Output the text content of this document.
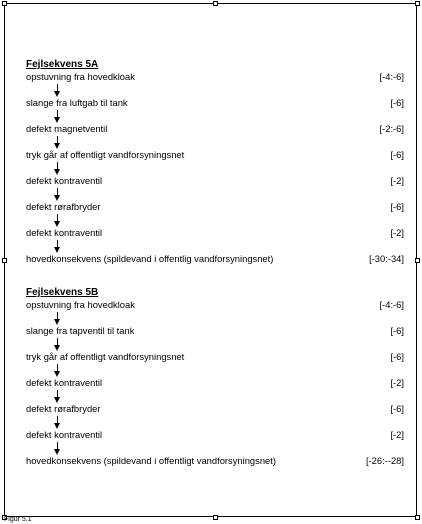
Fejlsekvens 5A
opstuvning fra hovedkloak	[-4:-6]
slange fra luftgab til tank	[-6]
defekt magnetventil	[-2:-6]
tryk går af offentligt vandforsyningsnet	[-6]
defekt kontraventil	[-2]
defekt rørafbryder	[-6]
defekt kontraventil	[-2]
hovedkonsekvens (spildevand i offentlig vandforsyningsnet)	[-30:-34]
Fejlsekvens 5B
opstuvning fra hovedkloak	[-4:-6]
slange fra tapventil til tank	[-6]
tryk går af offentligt vandforsyningsnet	[-6]
defekt kontraventil	[-2]
defekt rørafbryder	[-6]
defekt kontraventil	[-2]
hovedkonsekvens (spildevand i offentligt vandforsyningsnet)	[-26:--28]
Figur 5.1
